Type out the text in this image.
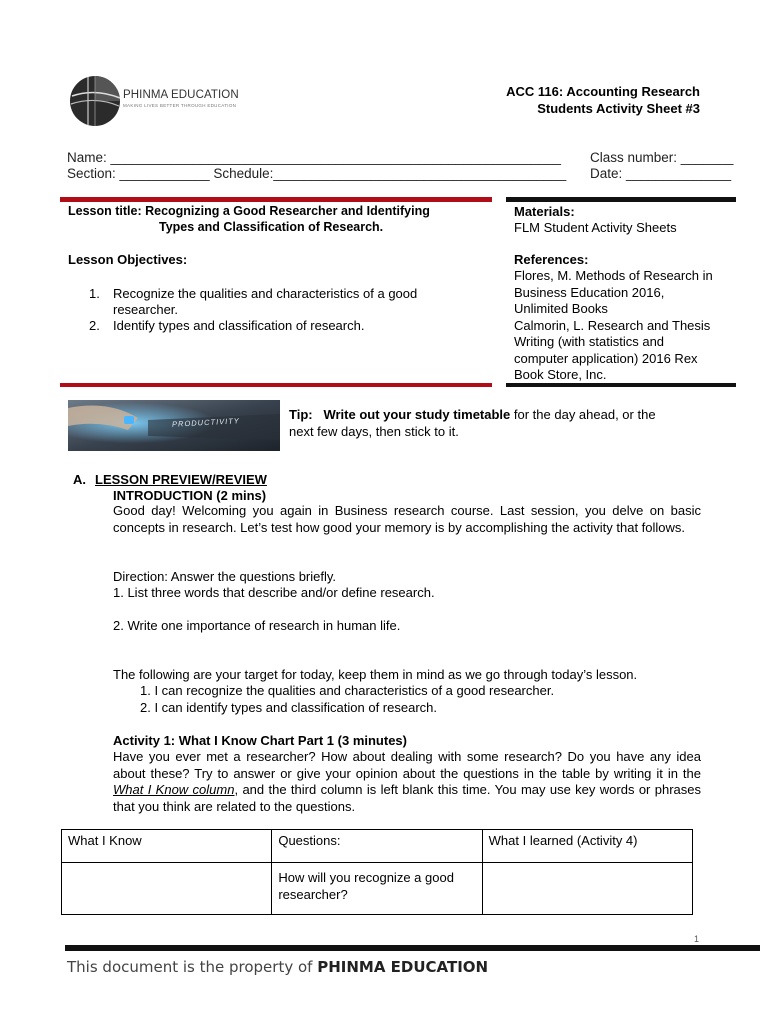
PHINMA EDUCATION
MAKING LIVES BETTER THROUGH EDUCATION
ACC 116: Accounting Research
Students Activity Sheet #3
Name: ____________________________________________________________
Section: ____________ Schedule:_______________________________________
Class number: _______
Date: ______________
Lesson title: Recognizing a Good Researcher and Identifying
Types and Classification of Research.
Lesson Objectives:
1. Recognize the qualities and characteristics of a good
researcher.
2. Identify types and classification of research.
Materials:
FLM Student Activity Sheets
References:
Flores, M. Methods of Research in
Business Education 2016,
Unlimited Books
Calmorin, L. Research and Thesis
Writing (with statistics and
computer application) 2016 Rex
Book Store, Inc.
PRODUCTIVITY
Tip: Write out your study timetable for the day ahead, or the
next few days, then stick to it.
A. LESSON PREVIEW/REVIEW
INTRODUCTION (2 mins)

Good day! Welcoming you again in Business research course. Last session, you delve on basic concepts in research. Let’s test how good your memory is by accomplishing the activity that follows.

Direction: Answer the questions briefly.
1. List three words that describe and/or define research.
2. Write one importance of research in human life.
The following are your target for today, keep them in mind as we go through today’s lesson.
1. I can recognize the qualities and characteristics of a good researcher.
2. I can identify types and classification of research.
Activity 1: What I Know Chart Part 1 (3 minutes)

Have you ever met a researcher? How about dealing with some research? Do you have any idea about these? Try to answer or give your opinion about the questions in the table by writing it in the What I Know column, and the third column is left blank this time. You may use key words or phrases that you think are related to the questions.

What I Know	Questions:	What I learned (Activity 4)
	How will you recognize a good researcher?	
1
This document is the property of PHINMA EDUCATION
